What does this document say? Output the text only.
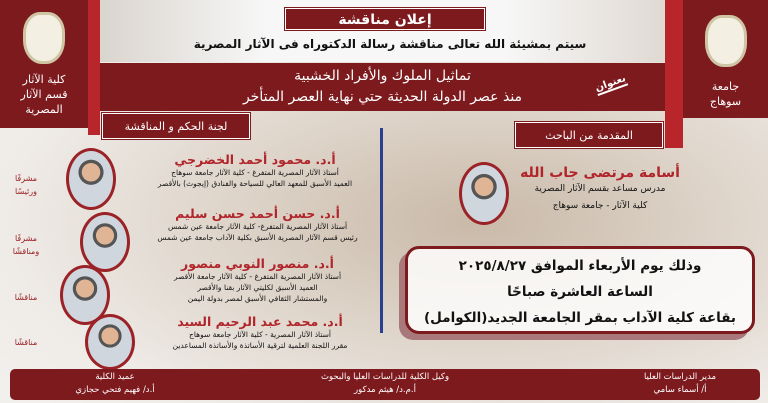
كلية الآثار
قسم الآثار
المصرية
جامعة
سوهاج
إعلان مناقشة
سيتم بمشيئة الله تعالى مناقشة رسالة الدكتوراه فى الآثار المصرية
تماثيل الملوك والأفراد الخشبية
منذ عصر الدولة الحديثة حتي نهاية العصر المتأخر
بعنوان
لجنة الحكم و المناقشة
المقدمة من الباحث
مشرفًا
ورئيسًا
أ.د. محمود أحمد الخضرجي
أستاذ الآثار المصرية المتفرغ - كلية الآثار جامعة سوهاج
العميد الأسبق للمعهد العالي للسياحة والفنادق (إيجوث) بالأقصر
مشرفًا
ومناقشًا
أ.د. حسن أحمد حسن سليم
أستاذ الآثار المصرية المتفرغ- كلية الآثار جامعة عين شمس
رئيس قسم الآثار المصرية الأسبق بكلية الآداب جامعة عين شمس
مناقشًا
أ.د. منصور النوبي منصور
أستاذ الآثار المصرية المتفرغ - كلية الآثار جامعة الأقصر
العميد الأسبق لكليتي الآثار بقنا والأقصر
والمستشار الثقافي الأسبق لمصر بدولة اليمن
مناقشًا
أ.د. محمد عبد الرحيم السيد
أستاذ الآثار المصرية - كلية الآثار جامعة سوهاج
مقرر اللجنة العلمية لترقية الأساتذة والأساتذة المساعدين
أسامة مرتضى جاب الله
مدرس مساعد بقسم الآثار المصرية
كلية الآثار - جامعة سوهاج
وذلك يوم الأربعاء الموافق ٢٠٢٥/٨/٢٧
الساعة العاشرة صباحًا
بقاعة كلية الآداب بمقر الجامعة الجديد(الكوامل)
مدير الدراسات العليا
أ/ أسماء سامي
وكيل الكلية للدراسات العليا والبحوث
أ.م.د/ هيثم مدكور
عميد الكلية
أ.د/ فهيم فتحي حجازي
